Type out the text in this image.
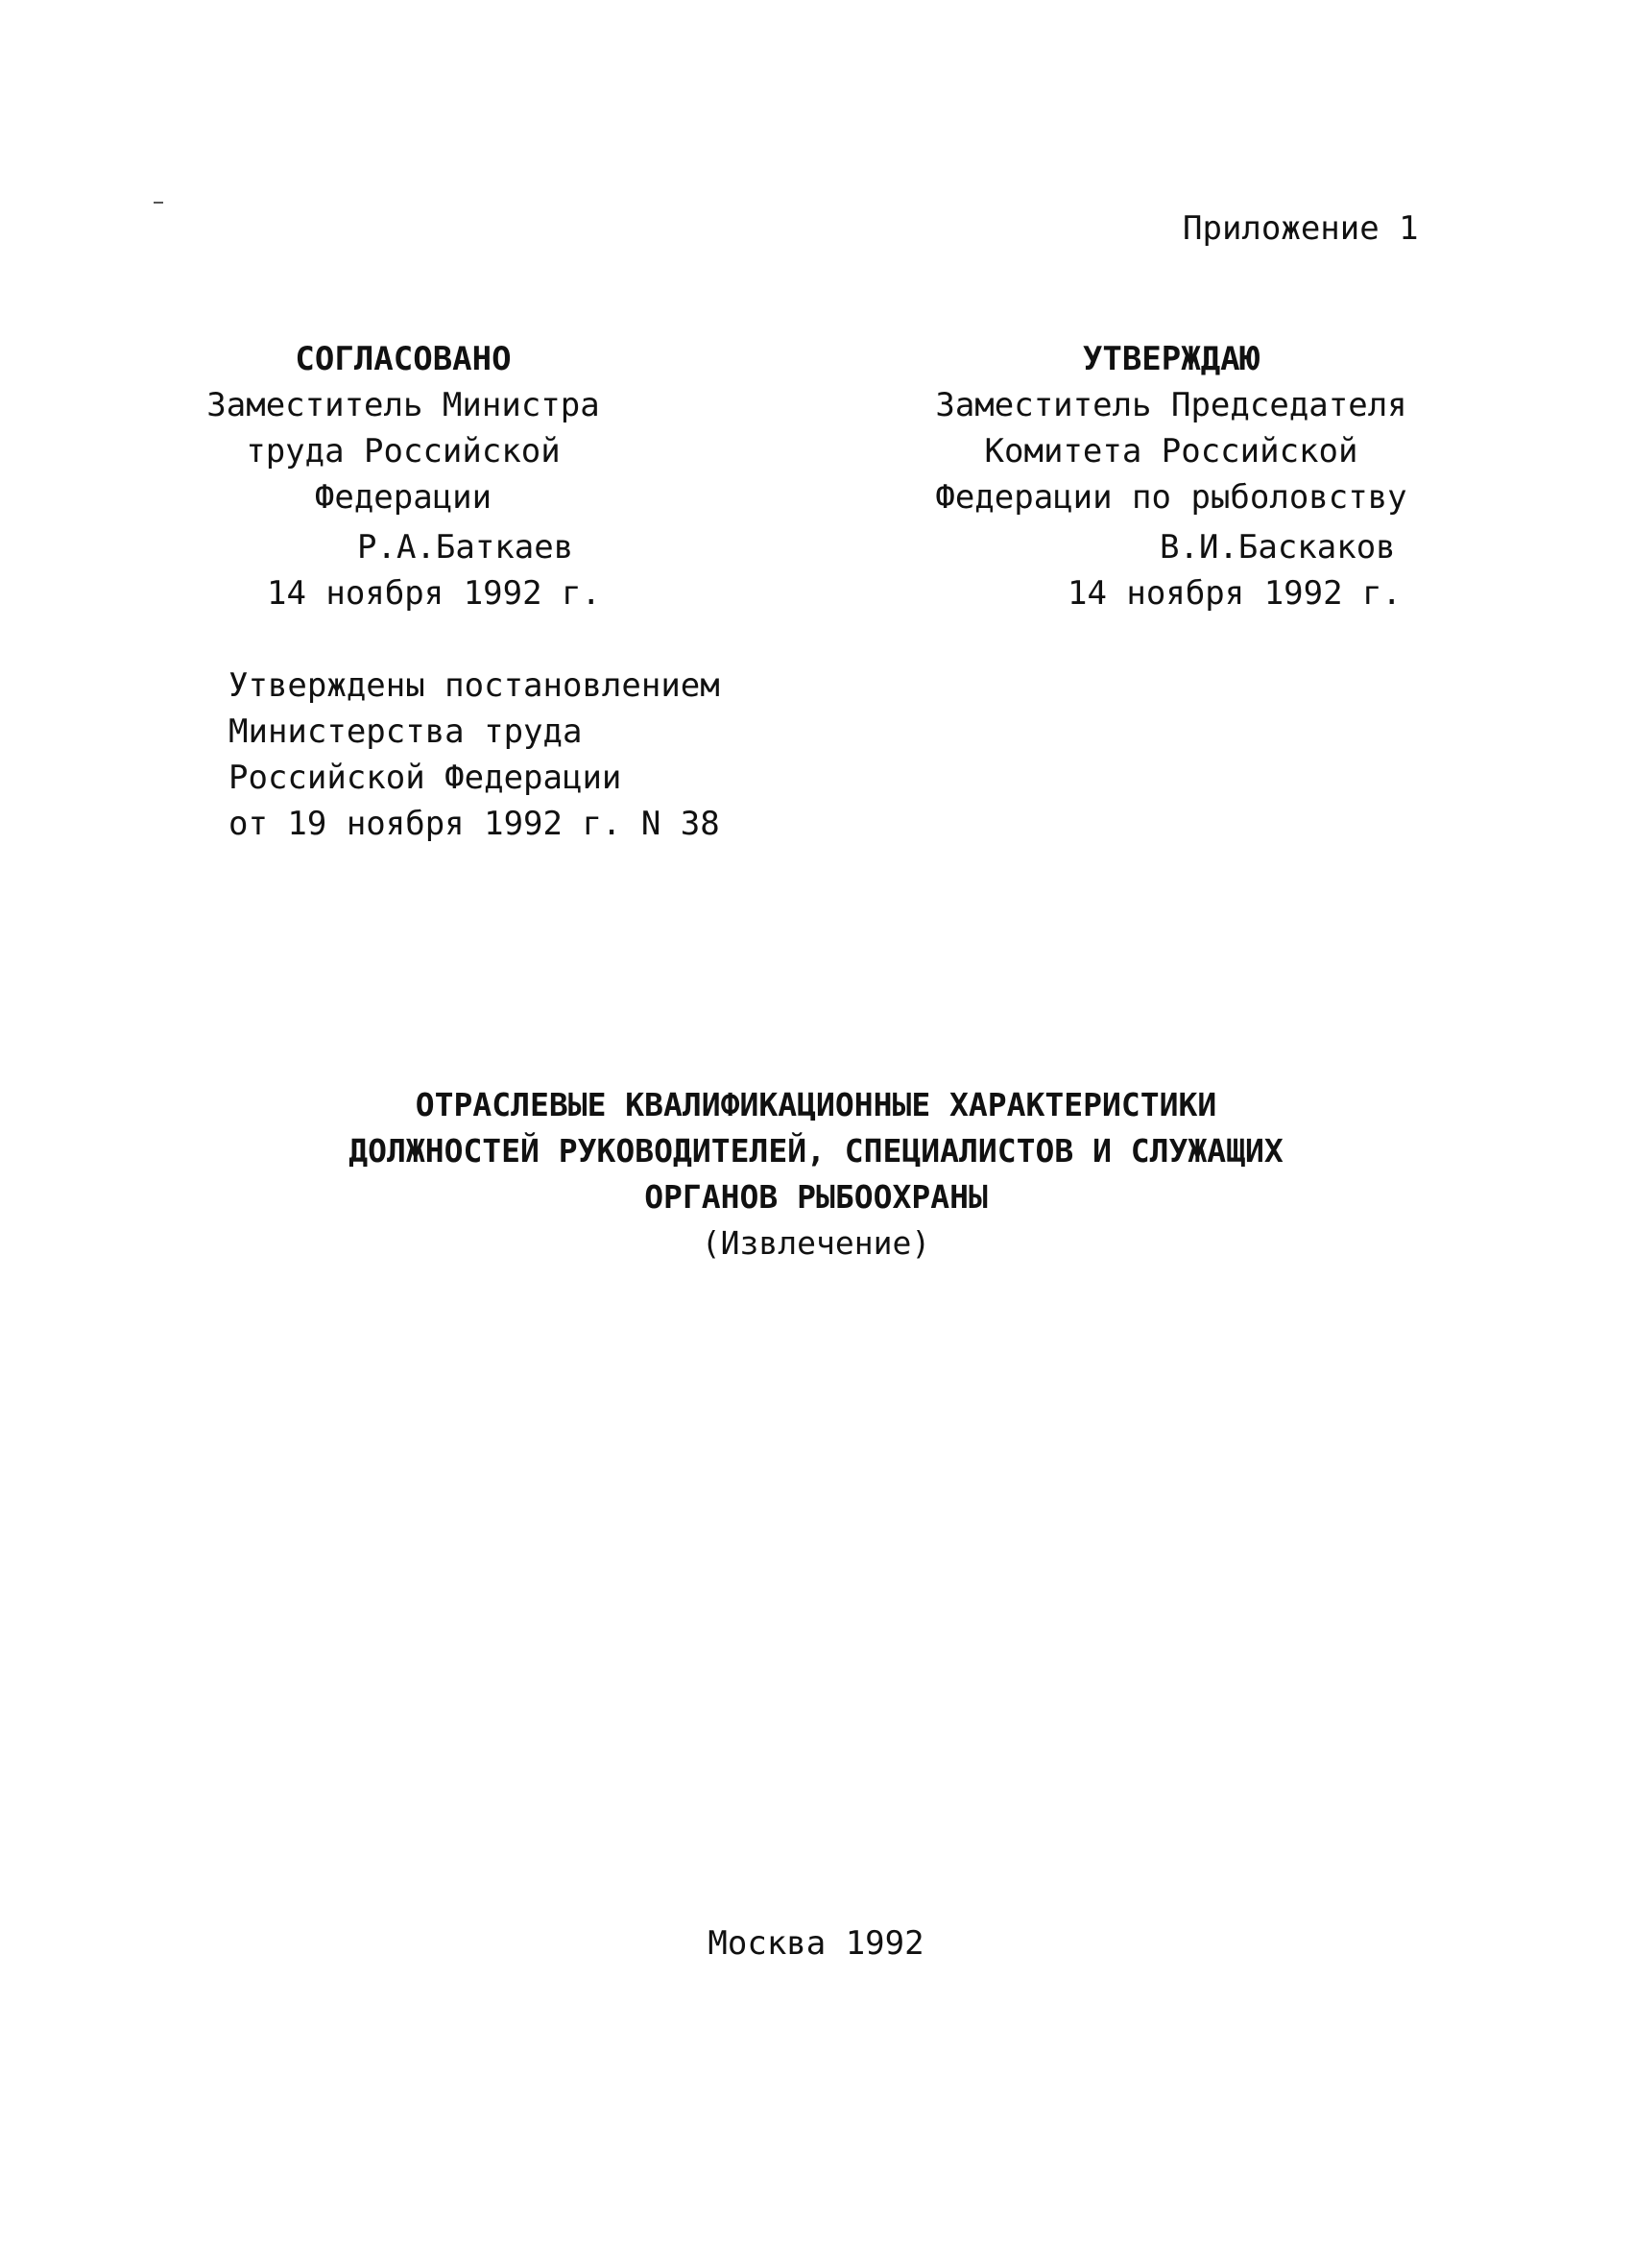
Приложение 1
СОГЛАСОВАНО
Заместитель Министра
труда Российской
Федерации
Р.А.Баткаев
14 ноября 1992 г.
УТВЕРЖДАЮ
Заместитель Председателя
Комитета Российской
Федерации по рыболовству
В.И.Баскаков
14 ноября 1992 г.
Утверждены постановлением
Министерства труда
Российской Федерации
от 19 ноября 1992 г. N 38
ОТРАСЛЕВЫЕ КВАЛИФИКАЦИОННЫЕ ХАРАКТЕРИСТИКИ
ДОЛЖНОСТЕЙ РУКОВОДИТЕЛЕЙ, СПЕЦИАЛИСТОВ И СЛУЖАЩИХ
ОРГАНОВ РЫБООХРАНЫ
(Извлечение)
Москва 1992
